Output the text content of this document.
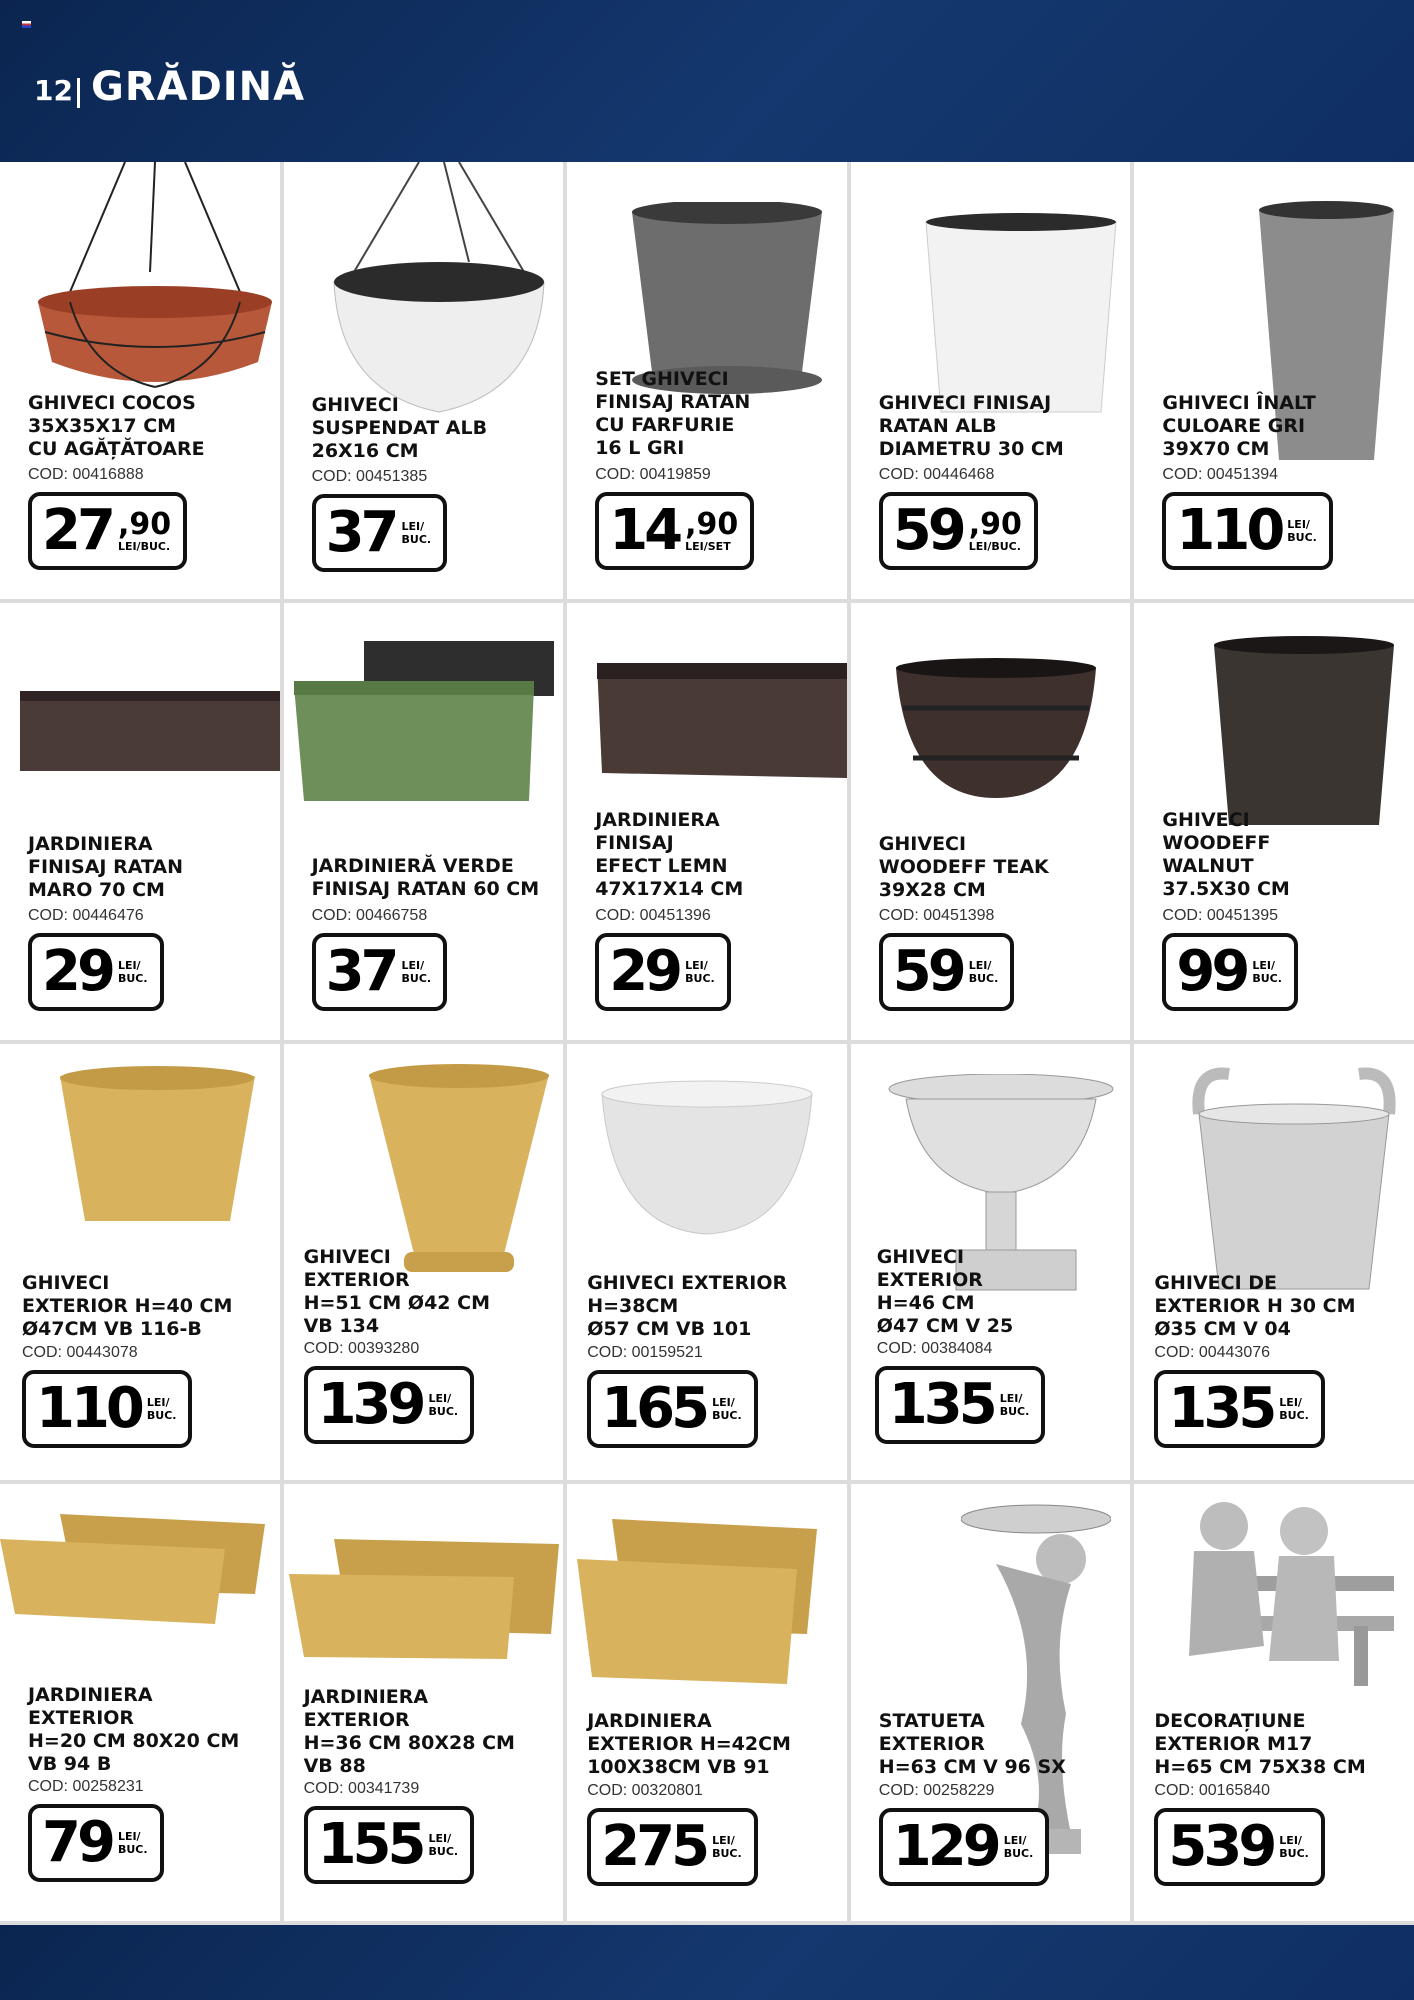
12 GRĂDINĂ
GHIVECI COCOS
35X35X17 CM
CU AGĂȚĂTOARE
COD: 00416888
27 ,90
LEI/BUC.
GHIVECI
SUSPENDAT ALB
26X16 CM
COD: 00451385
37 LEI/
BUC.
SET GHIVECI
FINISAJ RATAN
CU FARFURIE
16 L GRI
COD: 00419859
14 ,90
LEI/SET
GHIVECI FINISAJ
RATAN ALB
DIAMETRU 30 CM
COD: 00446468
59 ,90
LEI/BUC.
GHIVECI ÎNALT
CULOARE GRI
39X70 CM
COD: 00451394
110 LEI/
BUC.
JARDINIERA
FINISAJ RATAN
MARO 70 CM
COD: 00446476
29 LEI/
BUC.
JARDINIERĂ VERDE
FINISAJ RATAN 60 CM
COD: 00466758
37 LEI/
BUC.
JARDINIERA
FINISAJ
EFECT LEMN
47X17X14 CM
COD: 00451396
29 LEI/
BUC.
GHIVECI
WOODEFF TEAK
39X28 CM
COD: 00451398
59 LEI/
BUC.
GHIVECI
WOODEFF
WALNUT
37.5X30 CM
COD: 00451395
99 LEI/
BUC.
GHIVECI
EXTERIOR H=40 CM
Ø47CM VB 116-B
COD: 00443078
110 LEI/
BUC.
GHIVECI
EXTERIOR
H=51 CM Ø42 CM
VB 134
COD: 00393280
139 LEI/
BUC.
GHIVECI EXTERIOR
H=38CM
Ø57 CM VB 101
COD: 00159521
165 LEI/
BUC.
GHIVECI
EXTERIOR
H=46 CM
Ø47 CM V 25
COD: 00384084
135 LEI/
BUC.
GHIVECI DE
EXTERIOR H 30 CM
Ø35 CM V 04
COD: 00443076
135 LEI/
BUC.
JARDINIERA
EXTERIOR
H=20 CM 80X20 CM
VB 94 B
COD: 00258231
79 LEI/
BUC.
JARDINIERA
EXTERIOR
H=36 CM 80X28 CM
VB 88
COD: 00341739
155 LEI/
BUC.
JARDINIERA
EXTERIOR H=42CM
100X38CM VB 91
COD: 00320801
275 LEI/
BUC.
STATUETA
EXTERIOR
H=63 CM V 96 SX
COD: 00258229
129 LEI/
BUC.
DECORAȚIUNE
EXTERIOR M17
H=65 CM 75X38 CM
COD: 00165840
539 LEI/
BUC.
